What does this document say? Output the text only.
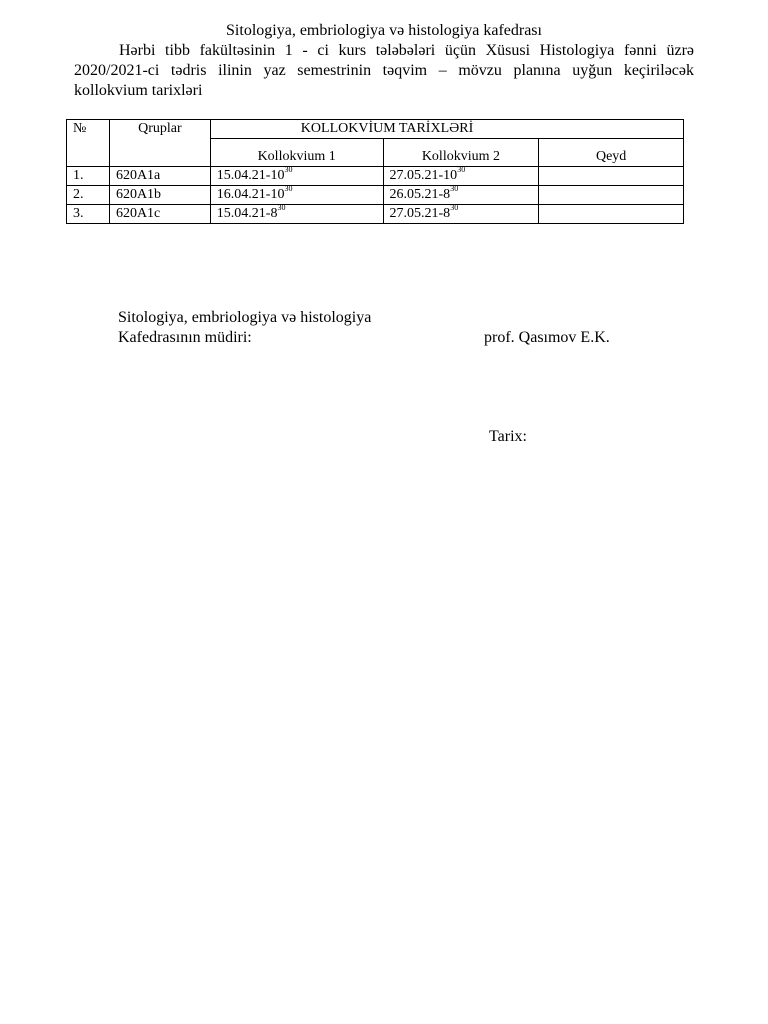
Sitologiya, embriologiya və histologiya kafedrası
Hərbi tibb fakültəsinin 1 - ci kurs tələbələri üçün Xüsusi Histologiya fənni üzrə 2020/2021-ci tədris ilinin yaz semestrinin təqvim – mövzu planına uyğun keçiriləcək kollokvium tarixləri
№	Qruplar	KOLLOKVİUM TARİXLƏRİ		
		Kollokvium 1	Kollokvium 2	Qeyd
1.	620A1a	$15.04.21-10^{30}$	$27.05.21-10^{30}$	
2.	620A1b	$16.04.21-10^{30}$	$26.05.21-8^{30}$	
3.	620A1c	$15.04.21-8^{30}$	$27.05.21-8^{30}$	
Sitologiya, embriologiya və histologiya
Kafedrasının müdiri:	prof. Qasımov E.K.
Tarix:
